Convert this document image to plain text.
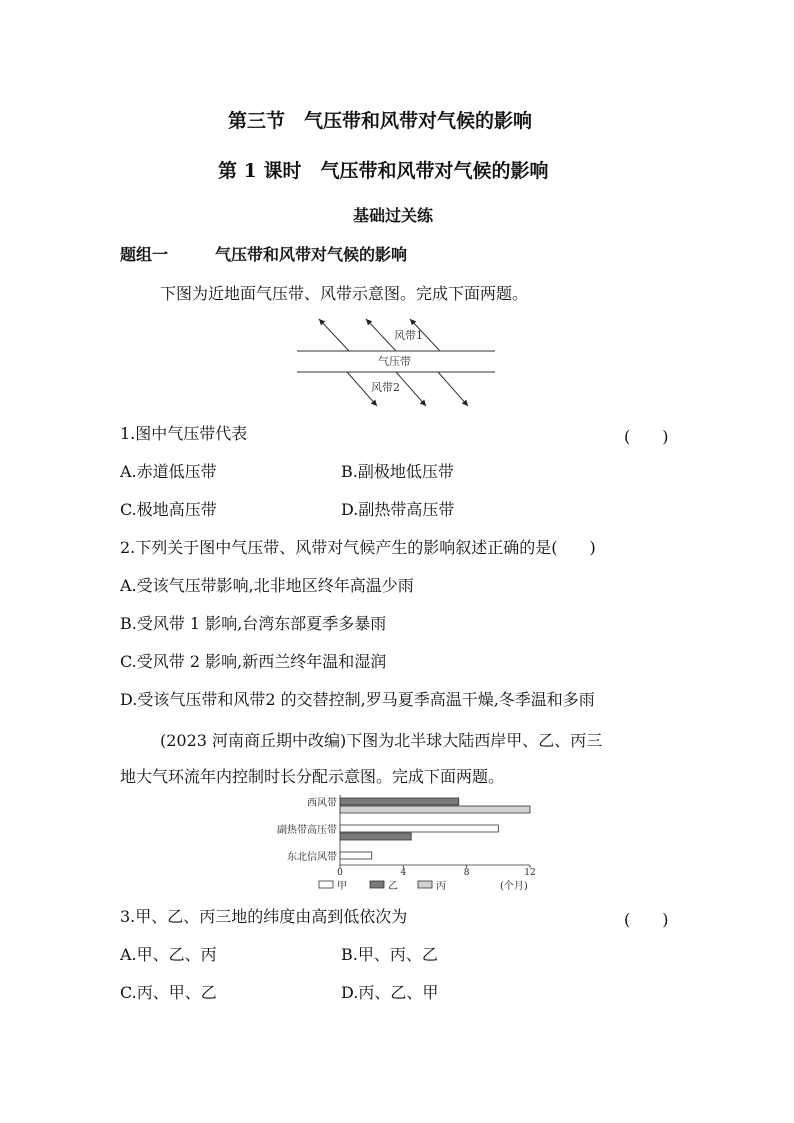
第三节　气压带和风带对气候的影响
第 1 课时　气压带和风带对气候的影响
基础过关练
题组一	气压带和风带对气候的影响
下图为近地面气压带、风带示意图。完成下面两题。
风带1
气压带
风带2
1.图中气压带代表	(　　)
A.赤道低压带	B.副极地低压带
C.极地高压带	D.副热带高压带
2.下列关于图中气压带、风带对气候产生的影响叙述正确的是(　　)
A.受该气压带影响,北非地区终年高温少雨
B.受风带 1 影响,台湾东部夏季多暴雨
C.受风带 2 影响,新西兰终年温和湿润
D.受该气压带和风带2 的交替控制,罗马夏季高温干燥,冬季温和多雨
(2023 河南商丘期中改编)下图为北半球大陆西岸甲、乙、丙三
地大气环流年内控制时长分配示意图。完成下面两题。
西风带
副热带高压带
东北信风带
0	4	8	12
甲	乙	丙	(个月)
3.甲、乙、丙三地的纬度由高到低依次为	(　　)
A.甲、乙、丙	B.甲、丙、乙
C.丙、甲、乙	D.丙、乙、甲
